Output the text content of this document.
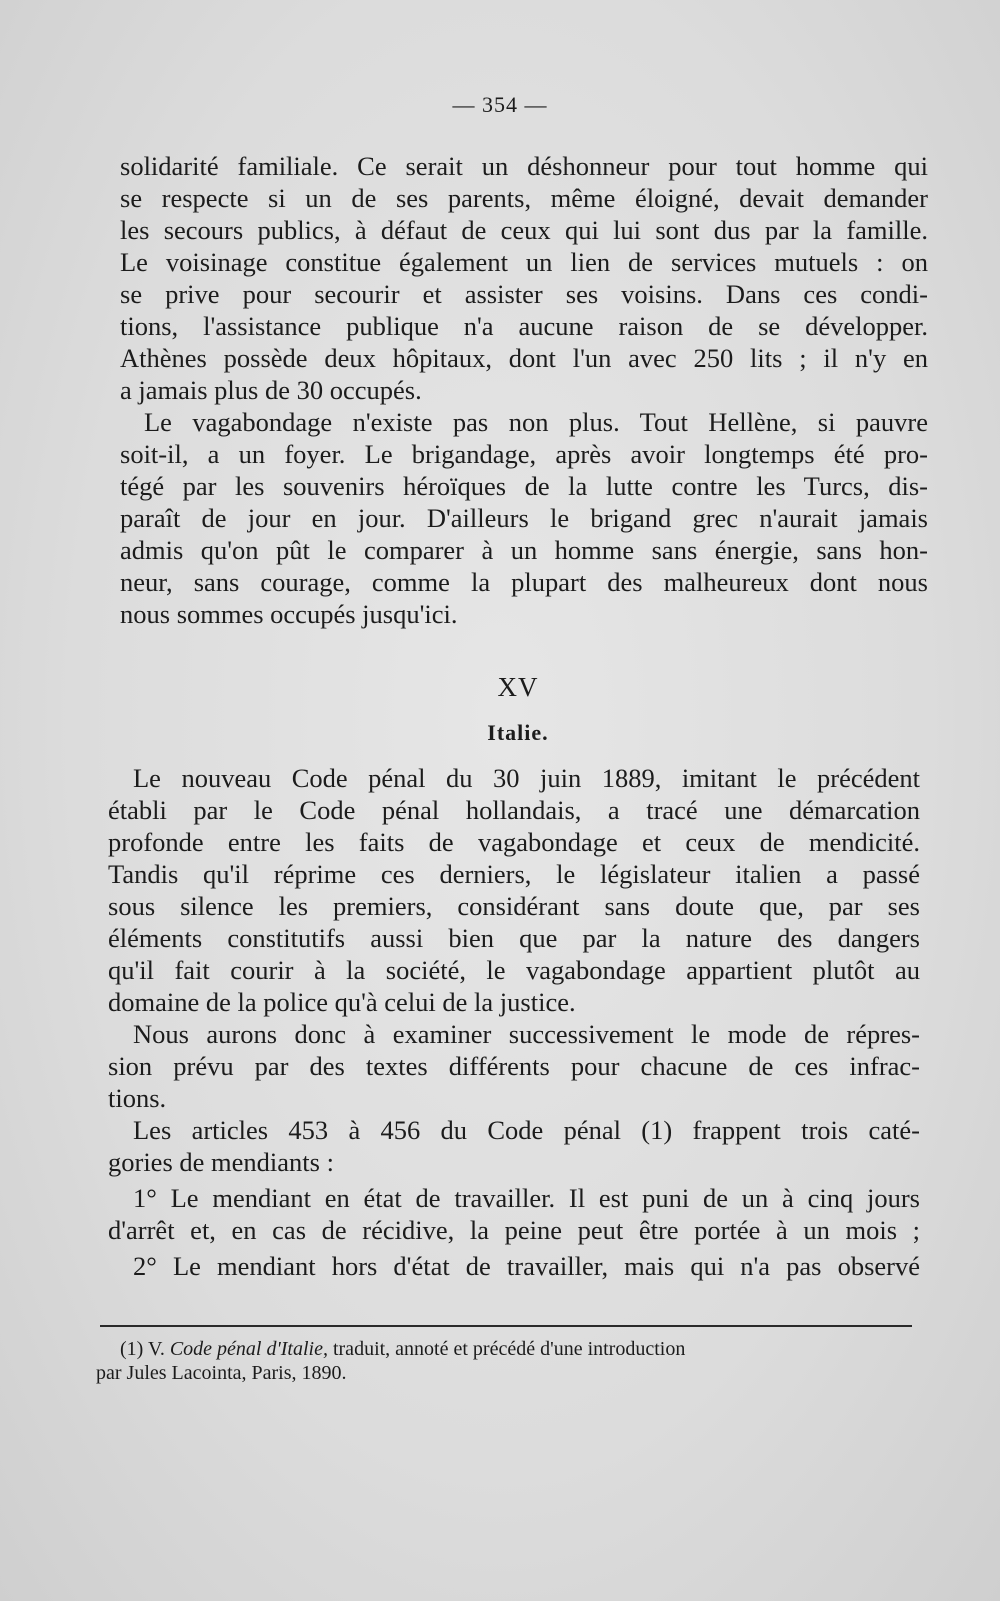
— 354 —
solidarité familiale. Ce serait un déshonneur pour tout homme qui
se respecte si un de ses parents, même éloigné, devait demander
les secours publics, à défaut de ceux qui lui sont dus par la famille.
Le voisinage constitue également un lien de services mutuels : on
se prive pour secourir et assister ses voisins. Dans ces condi-
tions, l'assistance publique n'a aucune raison de se développer.
Athènes possède deux hôpitaux, dont l'un avec 250 lits ; il n'y en
a jamais plus de 30 occupés.
Le vagabondage n'existe pas non plus. Tout Hellène, si pauvre
soit-il, a un foyer. Le brigandage, après avoir longtemps été pro-
tégé par les souvenirs héroïques de la lutte contre les Turcs, dis-
paraît de jour en jour. D'ailleurs le brigand grec n'aurait jamais
admis qu'on pût le comparer à un homme sans énergie, sans hon-
neur, sans courage, comme la plupart des malheureux dont nous
nous sommes occupés jusqu'ici.
XV
Italie.
Le nouveau Code pénal du 30 juin 1889, imitant le précédent
établi par le Code pénal hollandais, a tracé une démarcation
profonde entre les faits de vagabondage et ceux de mendicité.
Tandis qu'il réprime ces derniers, le législateur italien a passé
sous silence les premiers, considérant sans doute que, par ses
éléments constitutifs aussi bien que par la nature des dangers
qu'il fait courir à la société, le vagabondage appartient plutôt au
domaine de la police qu'à celui de la justice.
Nous aurons donc à examiner successivement le mode de répres-
sion prévu par des textes différents pour chacune de ces infrac-
tions.
Les articles 453 à 456 du Code pénal (1) frappent trois caté-
gories de mendiants :
1° Le mendiant en état de travailler. Il est puni de un à cinq jours
d'arrêt et, en cas de récidive, la peine peut être portée à un mois ;
2° Le mendiant hors d'état de travailler, mais qui n'a pas observé
(1) V. Code pénal d'Italie, traduit, annoté et précédé d'une introduction
par Jules Lacointa, Paris, 1890.
